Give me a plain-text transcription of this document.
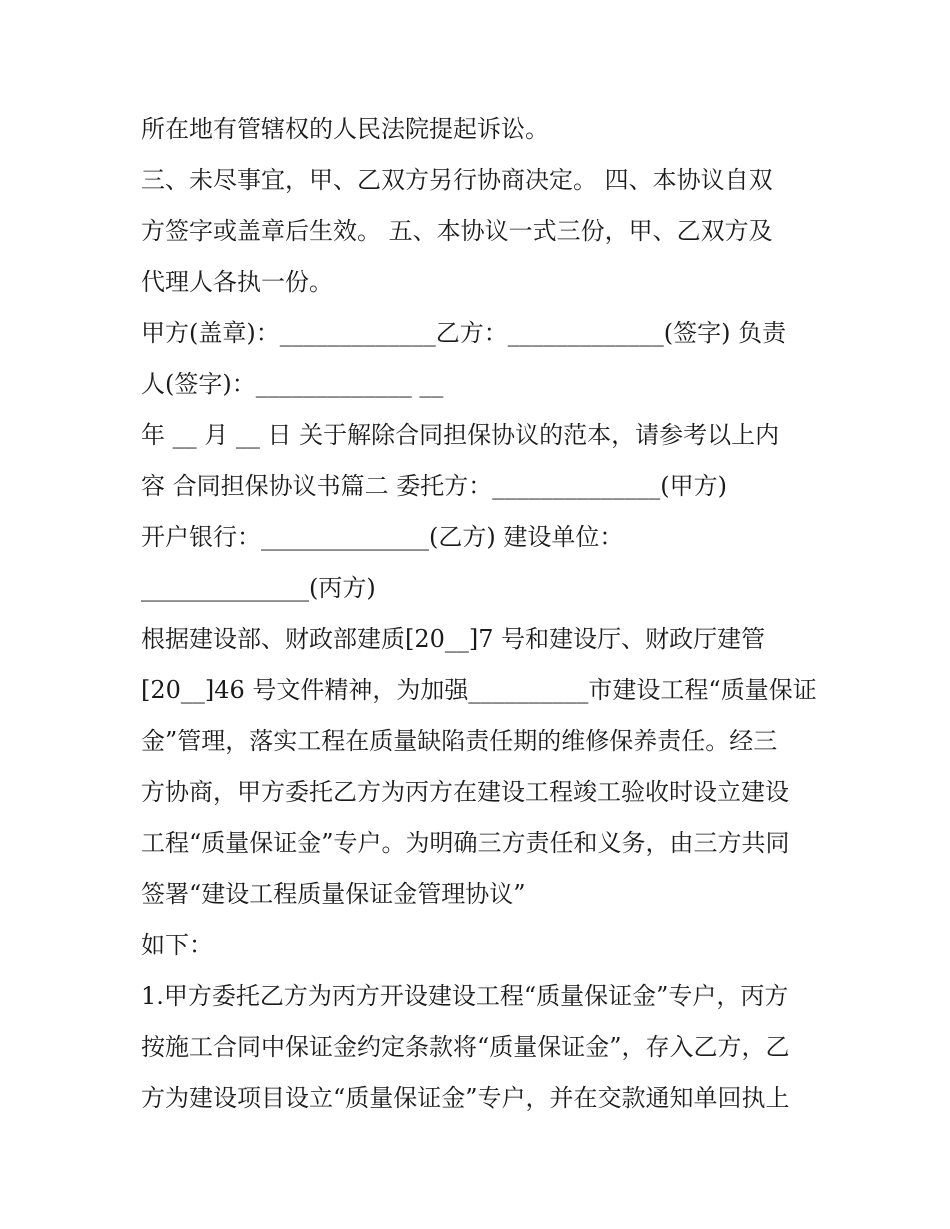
所在地有管辖权的人民法院提起诉讼。
三、未尽事宜，甲、乙双方另行协商决定。 四、本协议自双
方签字或盖章后生效。 五、本协议一式三份，甲、乙双方及
代理人各执一份。
甲方(盖章)：_____________乙方：_____________(签字) 负责
人(签字)：_____________ __
年 __ 月 __ 日 关于解除合同担保协议的范本，请参考以上内
容 合同担保协议书篇二 委托方：______________(甲方)
开户银行：______________(乙方) 建设单位：
______________(丙方)
根据建设部、财政部建质[20__]7 号和建设厅、财政厅建管
[20__]46 号文件精神，为加强__________市建设工程“质量保证
金”管理，落实工程在质量缺陷责任期的维修保养责任。经三
方协商，甲方委托乙方为丙方在建设工程竣工验收时设立建设
工程“质量保证金”专户。为明确三方责任和义务，由三方共同
签署“建设工程质量保证金管理协议”
如下：
1.甲方委托乙方为丙方开设建设工程“质量保证金”专户，丙方
按施工合同中保证金约定条款将“质量保证金”，存入乙方，乙
方为建设项目设立“质量保证金”专户，并在交款通知单回执上
